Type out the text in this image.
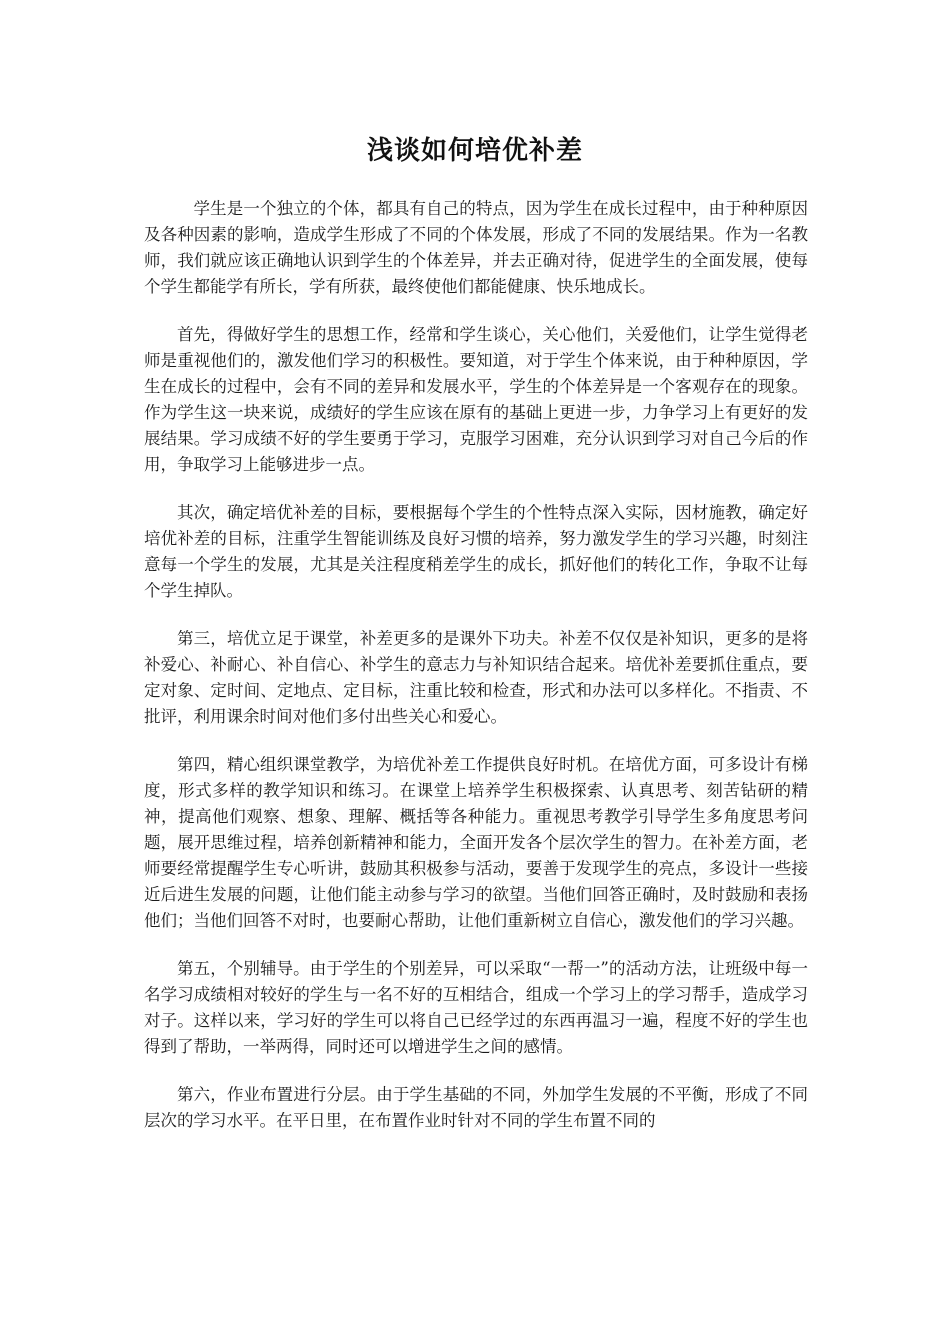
浅谈如何培优补差

学生是一个独立的个体，都具有自己的特点，因为学生在成长过程中，由于种种原因及各种因素的影响，造成学生形成了不同的个体发展，形成了不同的发展结果。作为一名教师，我们就应该正确地认识到学生的个体差异，并去正确对待，促进学生的全面发展，使每个学生都能学有所长，学有所获，最终使他们都能健康、快乐地成长。

首先，得做好学生的思想工作，经常和学生谈心，关心他们，关爱他们，让学生觉得老师是重视他们的，激发他们学习的积极性。要知道，对于学生个体来说，由于种种原因，学生在成长的过程中，会有不同的差异和发展水平，学生的个体差异是一个客观存在的现象。作为学生这一块来说，成绩好的学生应该在原有的基础上更进一步，力争学习上有更好的发展结果。学习成绩不好的学生要勇于学习，克服学习困难，充分认识到学习对自己今后的作用，争取学习上能够进步一点。

其次，确定培优补差的目标，要根据每个学生的个性特点深入实际，因材施教，确定好培优补差的目标，注重学生智能训练及良好习惯的培养，努力激发学生的学习兴趣，时刻注意每一个学生的发展，尤其是关注程度稍差学生的成长，抓好他们的转化工作，争取不让每个学生掉队。

第三，培优立足于课堂，补差更多的是课外下功夫。补差不仅仅是补知识，更多的是将补爱心、补耐心、补自信心、补学生的意志力与补知识结合起来。培优补差要抓住重点，要定对象、定时间、定地点、定目标，注重比较和检查，形式和办法可以多样化。不指责、不批评，利用课余时间对他们多付出些关心和爱心。

第四，精心组织课堂教学，为培优补差工作提供良好时机。在培优方面，可多设计有梯度，形式多样的教学知识和练习。在课堂上培养学生积极探索、认真思考、刻苦钻研的精神，提高他们观察、想象、理解、概括等各种能力。重视思考教学引导学生多角度思考问题，展开思维过程，培养创新精神和能力，全面开发各个层次学生的智力。在补差方面，老师要经常提醒学生专心听讲，鼓励其积极参与活动，要善于发现学生的亮点，多设计一些接近后进生发展的问题，让他们能主动参与学习的欲望。当他们回答正确时，及时鼓励和表扬他们；当他们回答不对时，也要耐心帮助，让他们重新树立自信心，激发他们的学习兴趣。

第五，个别辅导。由于学生的个别差异，可以采取“一帮一”的活动方法，让班级中每一名学习成绩相对较好的学生与一名不好的互相结合，组成一个学习上的学习帮手，造成学习对子。这样以来，学习好的学生可以将自己已经学过的东西再温习一遍，程度不好的学生也得到了帮助，一举两得，同时还可以增进学生之间的感情。

第六，作业布置进行分层。由于学生基础的不同，外加学生发展的不平衡，形成了不同层次的学习水平。在平日里，在布置作业时针对不同的学生布置不同的
